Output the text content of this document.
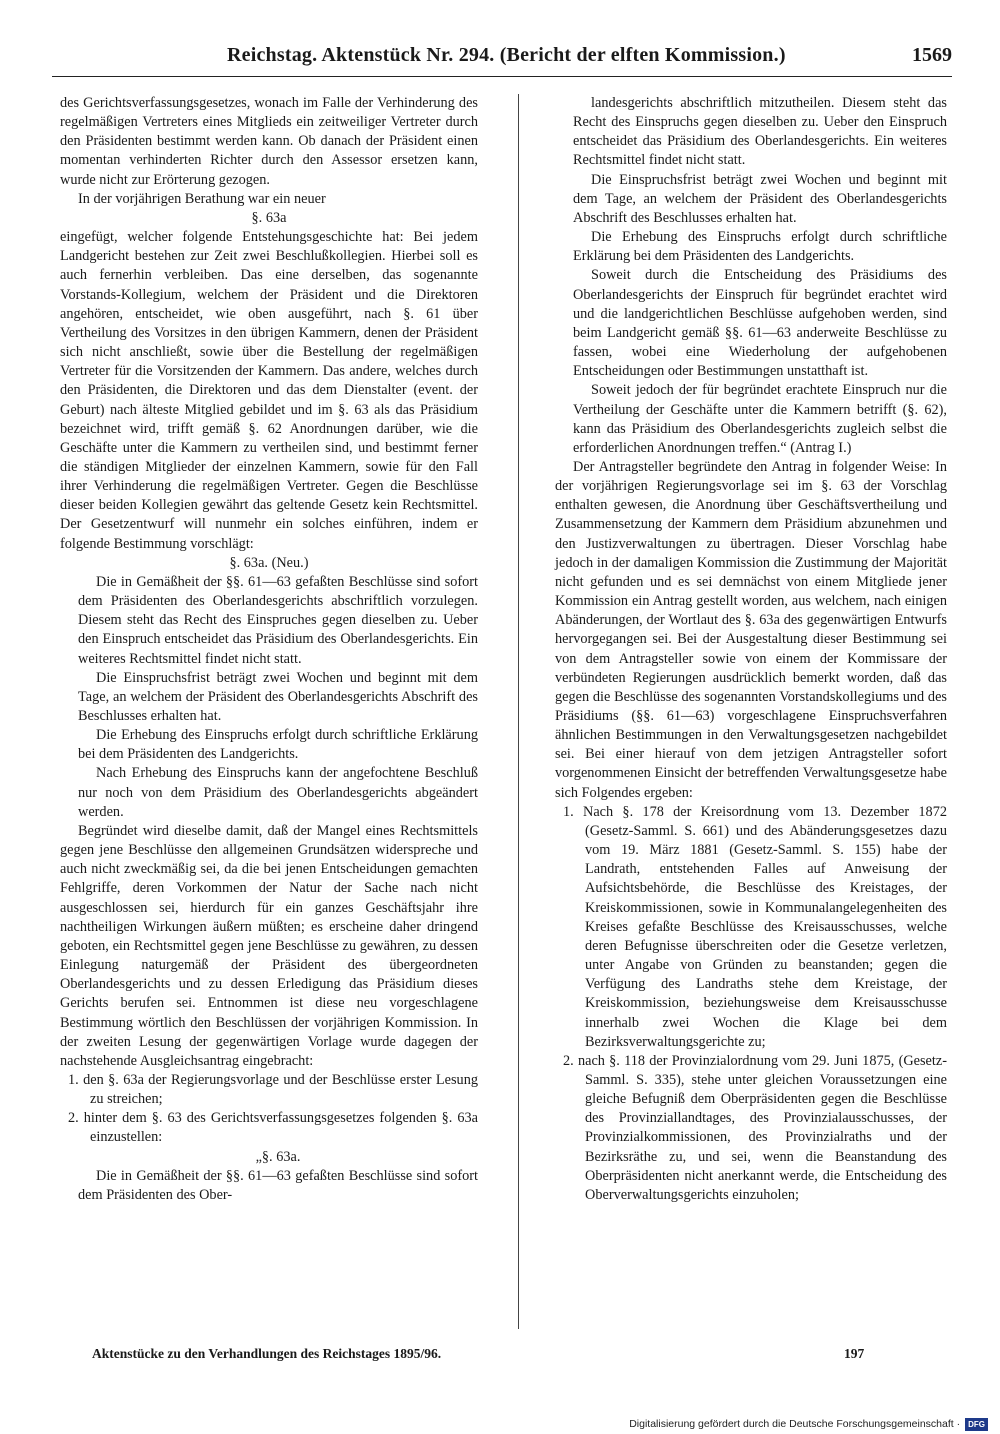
Reichstag. Aktenstück Nr. 294. (Bericht der elften Kommission.)	1569

des Gerichtsverfassungsgesetzes, wonach im Falle der Verhinderung des regelmäßigen Vertreters eines Mitglieds ein zeitweiliger Vertreter durch den Präsidenten bestimmt werden kann. Ob danach der Präsident einen momentan verhinderten Richter durch den Assessor ersetzen kann, wurde nicht zur Erörterung gezogen.

In der vorjährigen Berathung war ein neuer

§. 63a

eingefügt, welcher folgende Entstehungsgeschichte hat: Bei jedem Landgericht bestehen zur Zeit zwei Beschlußkollegien. Hierbei soll es auch fernerhin verbleiben. Das eine derselben, das sogenannte Vorstands-Kollegium, welchem der Präsident und die Direktoren angehören, entscheidet, wie oben ausgeführt, nach §. 61 über Vertheilung des Vorsitzes in den übrigen Kammern, denen der Präsident sich nicht anschließt, sowie über die Bestellung der regelmäßigen Vertreter für die Vorsitzenden der Kammern. Das andere, welches durch den Präsidenten, die Direktoren und das dem Dienstalter (event. der Geburt) nach älteste Mitglied gebildet und im §. 63 als das Präsidium bezeichnet wird, trifft gemäß §. 62 Anordnungen darüber, wie die Geschäfte unter die Kammern zu vertheilen sind, und bestimmt ferner die ständigen Mitglieder der einzelnen Kammern, sowie für den Fall ihrer Verhinderung die regelmäßigen Vertreter. Gegen die Beschlüsse dieser beiden Kollegien gewährt das geltende Gesetz kein Rechtsmittel. Der Gesetzentwurf will nunmehr ein solches einführen, indem er folgende Bestimmung vorschlägt:

§. 63a. (Neu.)

Die in Gemäßheit der §§. 61—63 gefaßten Beschlüsse sind sofort dem Präsidenten des Oberlandesgerichts abschriftlich vorzulegen. Diesem steht das Recht des Einspruches gegen dieselben zu. Ueber den Einspruch entscheidet das Präsidium des Oberlandesgerichts. Ein weiteres Rechtsmittel findet nicht statt.

Die Einspruchsfrist beträgt zwei Wochen und beginnt mit dem Tage, an welchem der Präsident des Oberlandesgerichts Abschrift des Beschlusses erhalten hat.

Die Erhebung des Einspruchs erfolgt durch schriftliche Erklärung bei dem Präsidenten des Landgerichts.

Nach Erhebung des Einspruchs kann der angefochtene Beschluß nur noch von dem Präsidium des Oberlandesgerichts abgeändert werden.

Begründet wird dieselbe damit, daß der Mangel eines Rechtsmittels gegen jene Beschlüsse den allgemeinen Grundsätzen widerspreche und auch nicht zweckmäßig sei, da die bei jenen Entscheidungen gemachten Fehlgriffe, deren Vorkommen der Natur der Sache nach nicht ausgeschlossen sei, hierdurch für ein ganzes Geschäftsjahr ihre nachtheiligen Wirkungen äußern müßten; es erscheine daher dringend geboten, ein Rechtsmittel gegen jene Beschlüsse zu gewähren, zu dessen Einlegung naturgemäß der Präsident des übergeordneten Oberlandesgerichts und zu dessen Erledigung das Präsidium dieses Gerichts berufen sei. Entnommen ist diese neu vorgeschlagene Bestimmung wörtlich den Beschlüssen der vorjährigen Kommission. In der zweiten Lesung der gegenwärtigen Vorlage wurde dagegen der nachstehende Ausgleichsantrag eingebracht:

1. den §. 63a der Regierungsvorlage und der Beschlüsse erster Lesung zu streichen;

2. hinter dem §. 63 des Gerichtsverfassungsgesetzes folgenden §. 63a einzustellen:

„§. 63a.

Die in Gemäßheit der §§. 61—63 gefaßten Beschlüsse sind sofort dem Präsidenten des Ober-

landesgerichts abschriftlich mitzutheilen. Diesem steht das Recht des Einspruchs gegen dieselben zu. Ueber den Einspruch entscheidet das Präsidium des Oberlandesgerichts. Ein weiteres Rechtsmittel findet nicht statt.

Die Einspruchsfrist beträgt zwei Wochen und beginnt mit dem Tage, an welchem der Präsident des Oberlandesgerichts Abschrift des Beschlusses erhalten hat.

Die Erhebung des Einspruchs erfolgt durch schriftliche Erklärung bei dem Präsidenten des Landgerichts.

Soweit durch die Entscheidung des Präsidiums des Oberlandesgerichts der Einspruch für begründet erachtet wird und die landgerichtlichen Beschlüsse aufgehoben werden, sind beim Landgericht gemäß §§. 61—63 anderweite Beschlüsse zu fassen, wobei eine Wiederholung der aufgehobenen Entscheidungen oder Bestimmungen unstatthaft ist.

Soweit jedoch der für begründet erachtete Einspruch nur die Vertheilung der Geschäfte unter die Kammern betrifft (§. 62), kann das Präsidium des Oberlandesgerichts zugleich selbst die erforderlichen Anordnungen treffen.“ (Antrag I.)

Der Antragsteller begründete den Antrag in folgender Weise: In der vorjährigen Regierungsvorlage sei im §. 63 der Vorschlag enthalten gewesen, die Anordnung über Geschäftsvertheilung und Zusammensetzung der Kammern dem Präsidium abzunehmen und den Justizverwaltungen zu übertragen. Dieser Vorschlag habe jedoch in der damaligen Kommission die Zustimmung der Majorität nicht gefunden und es sei demnächst von einem Mitgliede jener Kommission ein Antrag gestellt worden, aus welchem, nach einigen Abänderungen, der Wortlaut des §. 63a des gegenwärtigen Entwurfs hervorgegangen sei. Bei der Ausgestaltung dieser Bestimmung sei von dem Antragsteller sowie von einem der Kommissare der verbündeten Regierungen ausdrücklich bemerkt worden, daß das gegen die Beschlüsse des sogenannten Vorstandskollegiums und des Präsidiums (§§. 61—63) vorgeschlagene Einspruchsverfahren ähnlichen Bestimmungen in den Verwaltungsgesetzen nachgebildet sei. Bei einer hierauf von dem jetzigen Antragsteller sofort vorgenommenen Einsicht der betreffenden Verwaltungsgesetze habe sich Folgendes ergeben:

1. Nach §. 178 der Kreisordnung vom 13. Dezember 1872 (Gesetz-Samml. S. 661) und des Abänderungsgesetzes dazu vom 19. März 1881 (Gesetz-Samml. S. 155) habe der Landrath, entstehenden Falles auf Anweisung der Aufsichtsbehörde, die Beschlüsse des Kreistages, der Kreiskommissionen, sowie in Kommunalangelegenheiten des Kreises gefaßte Beschlüsse des Kreisausschusses, welche deren Befugnisse überschreiten oder die Gesetze verletzen, unter Angabe von Gründen zu beanstanden; gegen die Verfügung des Landraths stehe dem Kreistage, der Kreiskommission, beziehungsweise dem Kreisausschusse innerhalb zwei Wochen die Klage bei dem Bezirksverwaltungsgerichte zu;

2. nach §. 118 der Provinzialordnung vom 29. Juni 1875, (Gesetz-Samml. S. 335), stehe unter gleichen Voraussetzungen eine gleiche Befugniß dem Oberpräsidenten gegen die Beschlüsse des Provinziallandtages, des Provinzialausschusses, der Provinzialkommissionen, des Provinzialraths und der Bezirksräthe zu, und sei, wenn die Beanstandung des Oberpräsidenten nicht anerkannt werde, die Entscheidung des Oberverwaltungsgerichts einzuholen;

Aktenstücke zu den Verhandlungen des Reichstages 1895/96.	197
Digitalisierung gefördert durch die Deutsche Forschungsgemeinschaft ·	DFG
